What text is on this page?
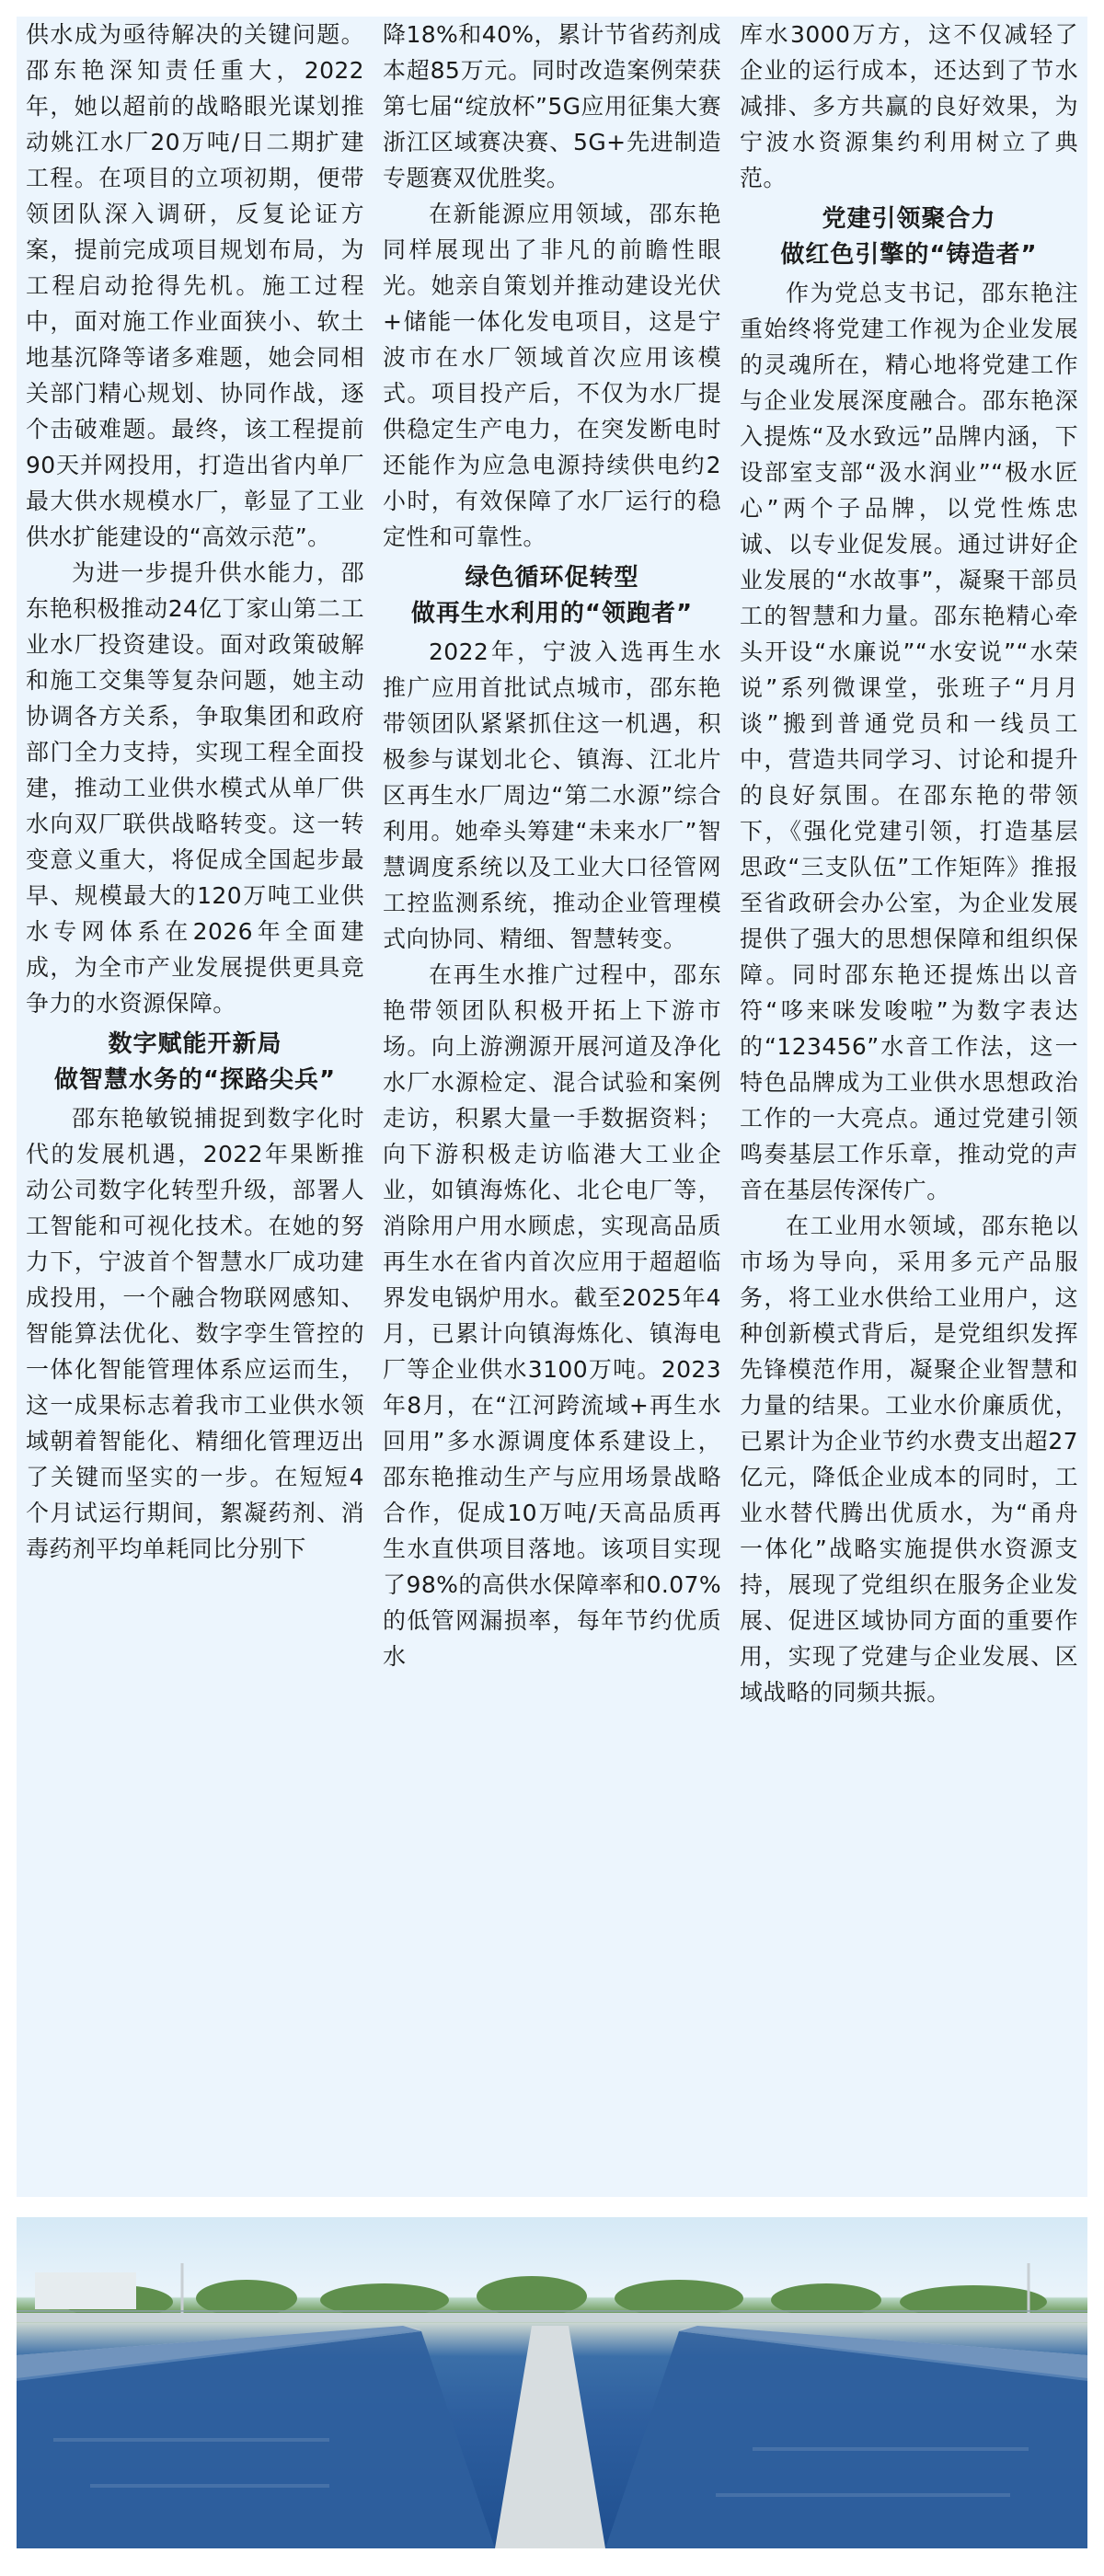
供水成为亟待解决的关键问题。邵东艳深知责任重大，2022年，她以超前的战略眼光谋划推动姚江水厂20万吨/日二期扩建工程。在项目的立项初期，便带领团队深入调研，反复论证方案，提前完成项目规划布局，为工程启动抢得先机。施工过程中，面对施工作业面狭小、软土地基沉降等诸多难题，她会同相关部门精心规划、协同作战，逐个击破难题。最终，该工程提前90天并网投用，打造出省内单厂最大供水规模水厂，彰显了工业供水扩能建设的“高效示范”。

为进一步提升供水能力，邵东艳积极推动24亿丁家山第二工业水厂投资建设。面对政策破解和施工交集等复杂问题，她主动协调各方关系，争取集团和政府部门全力支持，实现工程全面投建，推动工业供水模式从单厂供水向双厂联供战略转变。这一转变意义重大，将促成全国起步最早、规模最大的120万吨工业供水专网体系在2026年全面建成，为全市产业发展提供更具竞争力的水资源保障。

数字赋能开新局
做智慧水务的“探路尖兵”

邵东艳敏锐捕捉到数字化时代的发展机遇，2022年果断推动公司数字化转型升级，部署人工智能和可视化技术。在她的努力下，宁波首个智慧水厂成功建成投用，一个融合物联网感知、智能算法优化、数字孪生管控的一体化智能管理体系应运而生，这一成果标志着我市工业供水领域朝着智能化、精细化管理迈出了关键而坚实的一步。在短短4个月试运行期间，絮凝药剂、消毒药剂平均单耗同比分别下

降18%和40%，累计节省药剂成本超85万元。同时改造案例荣获第七届“绽放杯”5G应用征集大赛浙江区域赛决赛、5G+先进制造专题赛双优胜奖。

在新能源应用领域，邵东艳同样展现出了非凡的前瞻性眼光。她亲自策划并推动建设光伏+储能一体化发电项目，这是宁波市在水厂领域首次应用该模式。项目投产后，不仅为水厂提供稳定生产电力，在突发断电时还能作为应急电源持续供电约2小时，有效保障了水厂运行的稳定性和可靠性。

绿色循环促转型
做再生水利用的“领跑者”

2022年，宁波入选再生水推广应用首批试点城市，邵东艳带领团队紧紧抓住这一机遇，积极参与谋划北仑、镇海、江北片区再生水厂周边“第二水源”综合利用。她牵头筹建“未来水厂”智慧调度系统以及工业大口径管网工控监测系统，推动企业管理模式向协同、精细、智慧转变。

在再生水推广过程中，邵东艳带领团队积极开拓上下游市场。向上游溯源开展河道及净化水厂水源检定、混合试验和案例走访，积累大量一手数据资料；向下游积极走访临港大工业企业，如镇海炼化、北仑电厂等，消除用户用水顾虑，实现高品质再生水在省内首次应用于超超临界发电锅炉用水。截至2025年4月，已累计向镇海炼化、镇海电厂等企业供水3100万吨。2023年8月，在“江河跨流域+再生水回用”多水源调度体系建设上，邵东艳推动生产与应用场景战略合作，促成10万吨/天高品质再生水直供项目落地。该项目实现了98%的高供水保障率和0.07%的低管网漏损率，每年节约优质水

库水3000万方，这不仅减轻了企业的运行成本，还达到了节水减排、多方共赢的良好效果，为宁波水资源集约利用树立了典范。

党建引领聚合力
做红色引擎的“铸造者”

作为党总支书记，邵东艳注重始终将党建工作视为企业发展的灵魂所在，精心地将党建工作与企业发展深度融合。邵东艳深入提炼“及水致远”品牌内涵，下设部室支部“汲水润业”“极水匠心”两个子品牌，以党性炼忠诚、以专业促发展。通过讲好企业发展的“水故事”，凝聚干部员工的智慧和力量。邵东艳精心牵头开设“水廉说”“水安说”“水荣说”系列微课堂，张班子“月月谈”搬到普通党员和一线员工中，营造共同学习、讨论和提升的良好氛围。在邵东艳的带领下，《强化党建引领，打造基层思政“三支队伍”工作矩阵》推报至省政研会办公室，为企业发展提供了强大的思想保障和组织保障。同时邵东艳还提炼出以音符“哆来咪发唆啦”为数字表达的“123456”水音工作法，这一特色品牌成为工业供水思想政治工作的一大亮点。通过党建引领鸣奏基层工作乐章，推动党的声音在基层传深传广。

在工业用水领域，邵东艳以市场为导向，采用多元产品服务，将工业水供给工业用户，这种创新模式背后，是党组织发挥先锋模范作用，凝聚企业智慧和力量的结果。工业水价廉质优，已累计为企业节约水费支出超27亿元，降低企业成本的同时，工业水替代腾出优质水，为“甬舟一体化”战略实施提供水资源支持，展现了党组织在服务企业发展、促进区域协同方面的重要作用，实现了党建与企业发展、区域战略的同频共振。
